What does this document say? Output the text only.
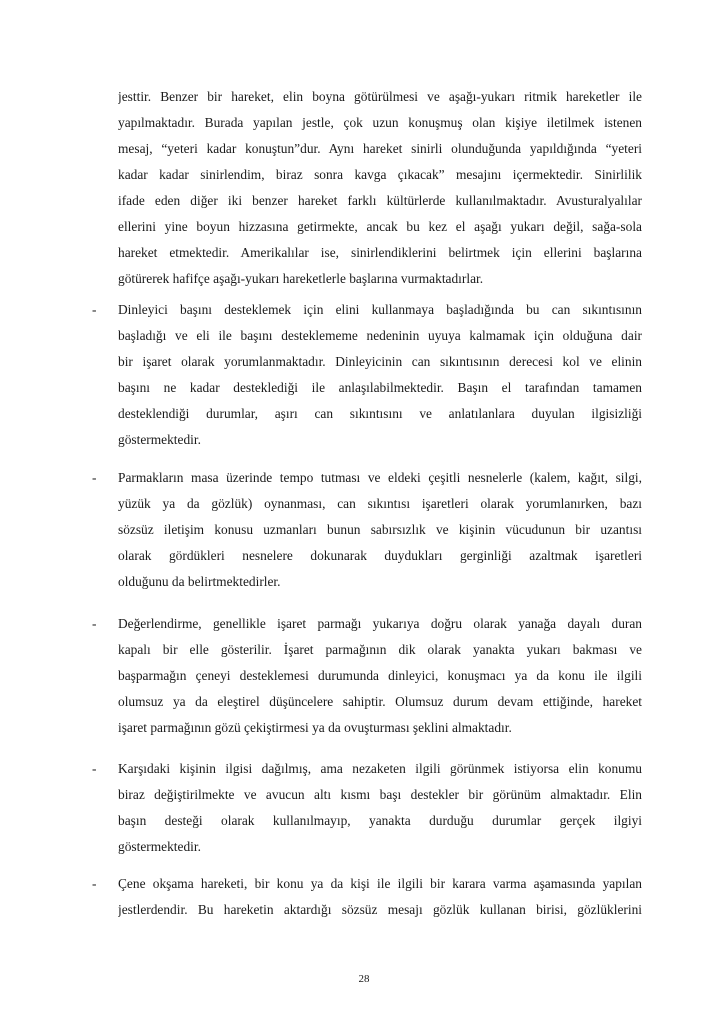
jesttir. Benzer bir hareket, elin boyna götürülmesi ve aşağı-yukarı ritmik hareketler ile
yapılmaktadır. Burada yapılan jestle, çok uzun konuşmuş olan kişiye iletilmek istenen
mesaj, “yeteri kadar konuştun”dur. Aynı hareket sinirli olunduğunda yapıldığında “yeteri
kadar kadar sinirlendim, biraz sonra kavga çıkacak” mesajını içermektedir. Sinirlilik
ifade eden diğer iki benzer hareket farklı kültürlerde kullanılmaktadır. Avusturalyalılar
ellerini yine boyun hizzasına getirmekte, ancak bu kez el aşağı yukarı değil, sağa-sola
hareket etmektedir. Amerikalılar ise, sinirlendiklerini belirtmek için ellerini başlarına
götürerek hafifçe aşağı-yukarı hareketlerle başlarına vurmaktadırlar.
- Dinleyici başını desteklemek için elini kullanmaya başladığında bu can sıkıntısının
başladığı ve eli ile başını desteklememe nedeninin uyuya kalmamak için olduğuna dair
bir işaret olarak yorumlanmaktadır. Dinleyicinin can sıkıntısının derecesi kol ve elinin
başını ne kadar desteklediği ile anlaşılabilmektedir. Başın el tarafından tamamen
desteklendiği durumlar, aşırı can sıkıntısını ve anlatılanlara duyulan ilgisizliği
göstermektedir.
- Parmakların masa üzerinde tempo tutması ve eldeki çeşitli nesnelerle (kalem, kağıt, silgi,
yüzük ya da gözlük) oynanması, can sıkıntısı işaretleri olarak yorumlanırken, bazı
sözsüz iletişim konusu uzmanları bunun sabırsızlık ve kişinin vücudunun bir uzantısı
olarak gördükleri nesnelere dokunarak duydukları gerginliği azaltmak işaretleri
olduğunu da belirtmektedirler.
- Değerlendirme, genellikle işaret parmağı yukarıya doğru olarak yanağa dayalı duran
kapalı bir elle gösterilir. İşaret parmağının dik olarak yanakta yukarı bakması ve
başparmağın çeneyi desteklemesi durumunda dinleyici, konuşmacı ya da konu ile ilgili
olumsuz ya da eleştirel düşüncelere sahiptir. Olumsuz durum devam ettiğinde, hareket
işaret parmağının gözü çekiştirmesi ya da ovuşturması şeklini almaktadır.
- Karşıdaki kişinin ilgisi dağılmış, ama nezaketen ilgili görünmek istiyorsa elin konumu
biraz değiştirilmekte ve avucun altı kısmı başı destekler bir görünüm almaktadır. Elin
başın desteği olarak kullanılmayıp, yanakta durduğu durumlar gerçek ilgiyi
göstermektedir.
- Çene okşama hareketi, bir konu ya da kişi ile ilgili bir karara varma aşamasında yapılan
jestlerdendir. Bu hareketin aktardığı sözsüz mesajı gözlük kullanan birisi, gözlüklerini
28
